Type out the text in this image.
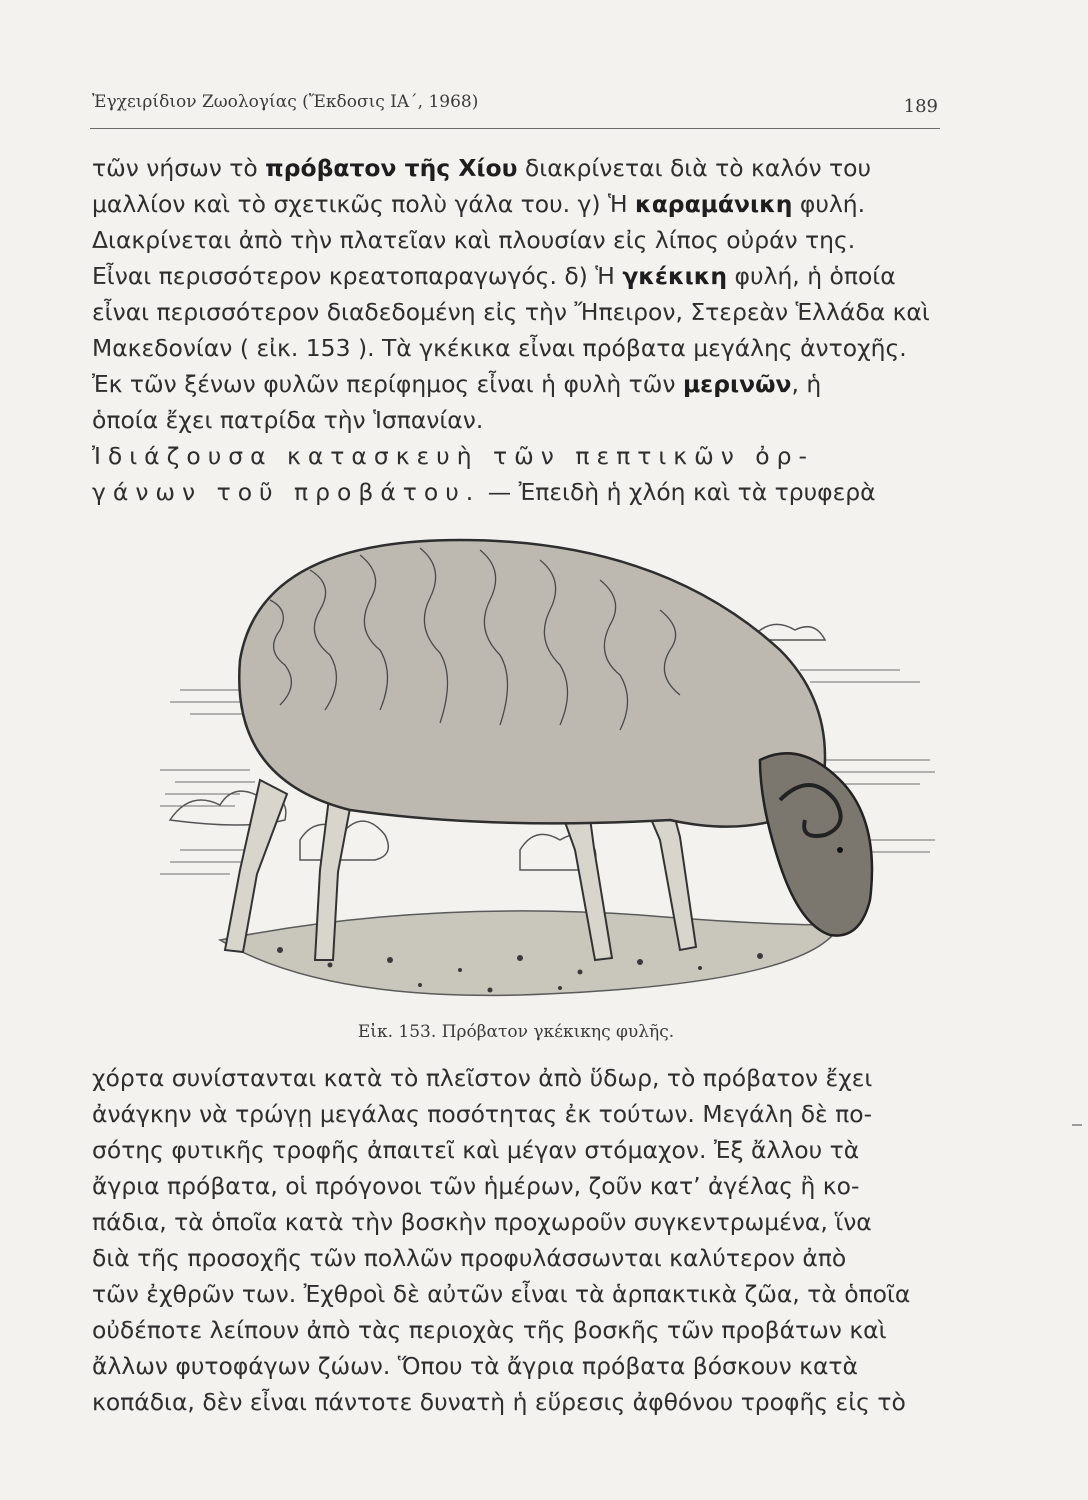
Ἐγχειρίδιον Ζωολογίας (Ἔκδοσις ΙΑ΄, 1968)	189
τῶν νήσων τὸ πρόβατον τῆς Χίου διακρίνεται διὰ τὸ καλόν του
μαλλίον καὶ τὸ σχετικῶς πολὺ γάλα του. γ) Ἡ καραμάνικη φυλή.
Διακρίνεται ἀπὸ τὴν πλατεῖαν καὶ πλουσίαν εἰς λίπος οὐράν της.
Εἶναι περισσότερον κρεατοπαραγωγός. δ) Ἡ γκέκικη φυλή, ἡ ὁποία
εἶναι περισσότερον διαδεδομένη εἰς τὴν Ἤπειρον, Στερεὰν Ἑλλάδα καὶ
Μακεδονίαν ( εἰκ. 153 ). Τὰ γκέκικα εἶναι πρόβατα μεγάλης ἀντοχῆς.
Ἐκ τῶν ξένων φυλῶν περίφημος εἶναι ἡ φυλὴ τῶν μερινῶν , ἡ
ὁποία ἔχει πατρίδα τὴν Ἱσπανίαν.
Ἰδιάζουσα κατασκευὴ τῶν πεπτικῶν ὀρ-
γάνων τοῦ προβάτου. — Ἐπειδὴ ἡ χλόη καὶ τὰ τρυφερὰ
Εἰκ. 153. Πρόβατον γκέκικης φυλῆς.
χόρτα συνίστανται κατὰ τὸ πλεῖστον ἀπὸ ὕδωρ, τὸ πρόβατον ἔχει
ἀνάγκην νὰ τρώγῃ μεγάλας ποσότητας ἐκ τούτων. Μεγάλη δὲ πο-
σότης φυτικῆς τροφῆς ἀπαιτεῖ καὶ μέγαν στόμαχον. Ἐξ ἄλλου τὰ
ἄγρια πρόβατα, οἱ πρόγονοι τῶν ἡμέρων, ζοῦν κατ’ ἀγέλας ἢ κο-
πάδια, τὰ ὁποῖα κατὰ τὴν βοσκὴν προχωροῦν συγκεντρωμένα, ἵνα
διὰ τῆς προσοχῆς τῶν πολλῶν προφυλάσσωνται καλύτερον ἀπὸ
τῶν ἐχθρῶν των. Ἐχθροὶ δὲ αὐτῶν εἶναι τὰ ἁρπακτικὰ ζῶα, τὰ ὁποῖα
οὐδέποτε λείπουν ἀπὸ τὰς περιοχὰς τῆς βοσκῆς τῶν προβάτων καὶ
ἄλλων φυτοφάγων ζώων. Ὅπου τὰ ἄγρια πρόβατα βόσκουν κατὰ
κοπάδια, δὲν εἶναι πάντοτε δυνατὴ ἡ εὕρεσις ἀφθόνου τροφῆς εἰς τὸ
